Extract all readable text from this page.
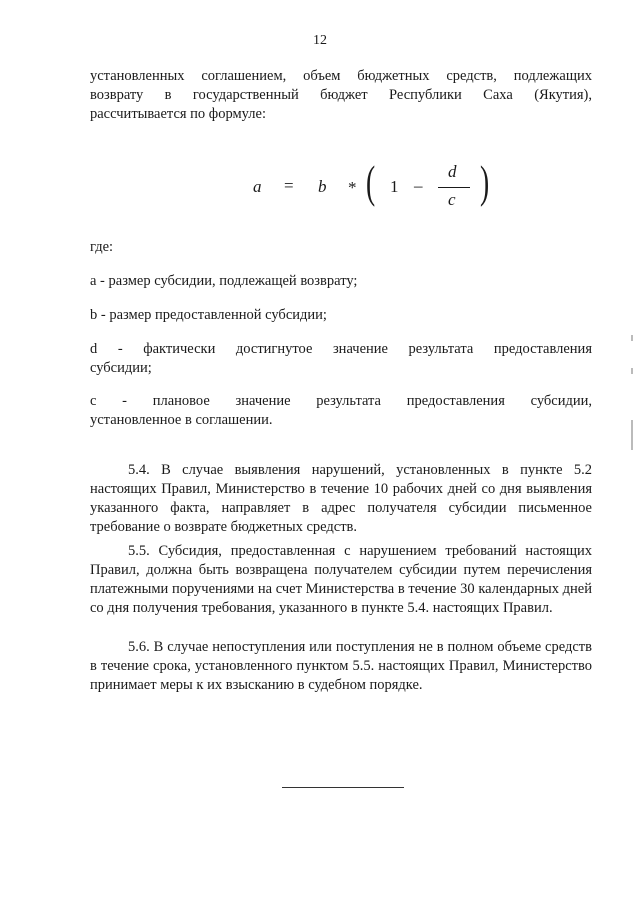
12
установленных соглашением, объем бюджетных средств, подлежащих
возврату в государственный бюджет Республики Саха (Якутия),
рассчитывается по формуле:
a = b * ( 1 –
d
c )
где:
а - размер субсидии, подлежащей возврату;
b - размер предоставленной субсидии;
d - фактически достигнутое значение результата предоставления
субсидии;
с - плановое значение результата предоставления субсидии,
установленное в соглашении.
5.4. В случае выявления нарушений, установленных в пункте 5.2 настоящих Правил, Министерство в течение 10 рабочих дней со дня выявления указанного факта, направляет в адрес получателя субсидии письменное требование о возврате бюджетных средств.
5.5. Субсидия, предоставленная с нарушением требований настоящих Правил, должна быть возвращена получателем субсидии путем перечисления платежными поручениями на счет Министерства в течение 30 календарных дней со дня получения требования, указанного в пункте 5.4. настоящих Правил.
5.6. В случае непоступления или поступления не в полном объеме средств в течение срока, установленного пунктом 5.5. настоящих Правил, Министерство принимает меры к их взысканию в судебном порядке.
